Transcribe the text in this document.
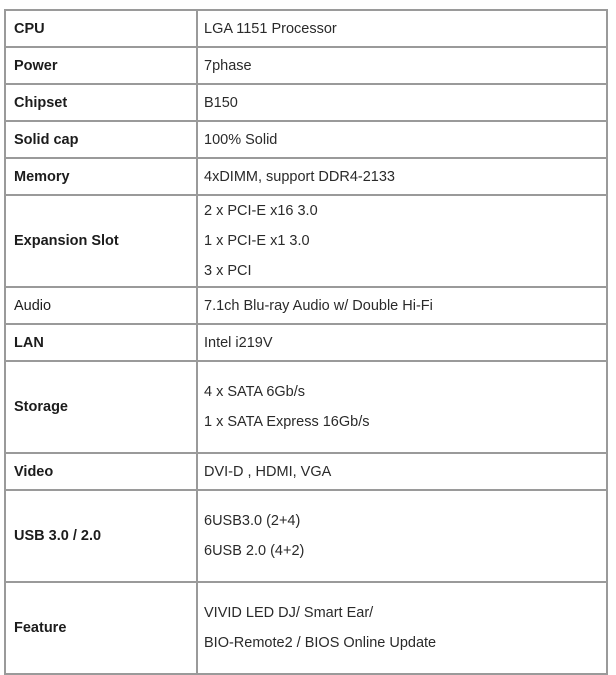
CPU	LGA 1151 Processor

Power	7phase

Chipset	B150

Solid cap	100% Solid

Memory	4xDIMM, support DDR4-2133

Expansion Slot	2 x PCI-E x16 3.0
1 x PCI-E x1 3.0
3 x PCI

Audio	7.1ch Blu-ray Audio w/ Double Hi-Fi

LAN	Intel i219V

Storage	4 x SATA 6Gb/s
1 x SATA Express 16Gb/s

Video	DVI-D , HDMI, VGA

USB 3.0 / 2.0	6USB3.0 (2+4)
6USB 2.0 (4+2)

Feature	VIVID LED DJ/ Smart Ear/
BIO-Remote2 / BIOS Online Update
